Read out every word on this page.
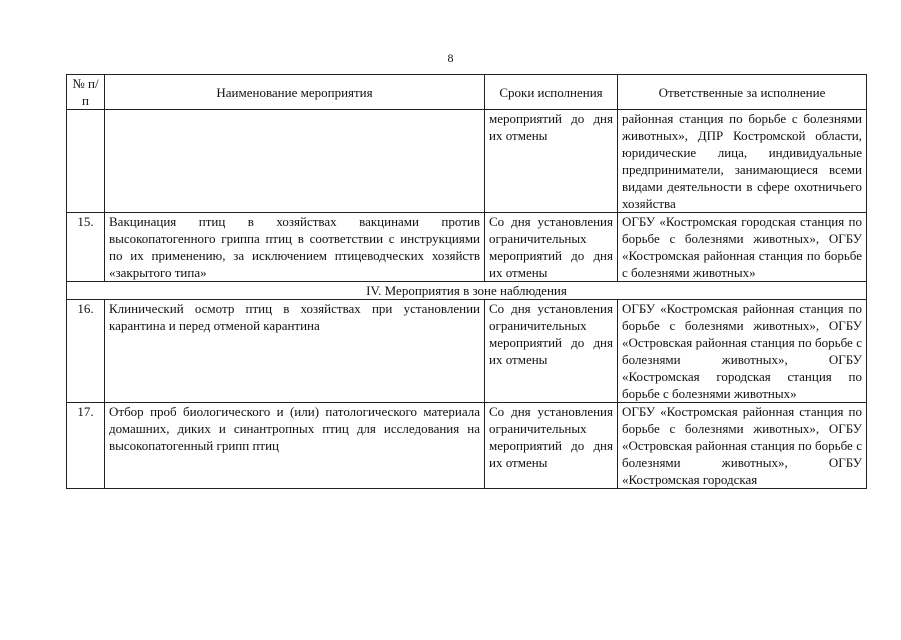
8
№ п/п	Наименование мероприятия	Сроки исполнения	Ответственные за исполнение
		мероприятий до дня их отмены	районная станция по борьбе с болезнями животных», ДПР Костромской области, юридические лица, индивидуальные предприниматели, занимающиеся всеми видами деятельности в сфере охотничьего хозяйства
15.	Вакцинация птиц в хозяйствах вакцинами против высокопатогенного гриппа птиц в соответствии с инструкциями по их применению, за исключением птицеводческих хозяйств «закрытого типа»	Со дня установления ограничительных мероприятий до дня их отмены	ОГБУ «Костромская городская станция по борьбе с болезнями животных», ОГБУ «Костромская районная станция по борьбе с болезнями животных»
IV. Мероприятия в зоне наблюдения			
16.	Клинический осмотр птиц в хозяйствах при установлении карантина и перед отменой карантина	Со дня установления ограничительных мероприятий до дня их отмены	ОГБУ «Костромская районная станция по борьбе с болезнями животных», ОГБУ «Островская районная станция по борьбе с болезнями животных», ОГБУ «Костромская городская станция по борьбе с болезнями животных»
17.	Отбор проб биологического и (или) патологического материала домашних, диких и синантропных птиц для исследования на высокопатогенный грипп птиц	Со дня установления ограничительных мероприятий до дня их отмены	ОГБУ «Костромская районная станция по борьбе с болезнями животных», ОГБУ «Островская районная станция по борьбе с болезнями животных», ОГБУ «Костромская городская
